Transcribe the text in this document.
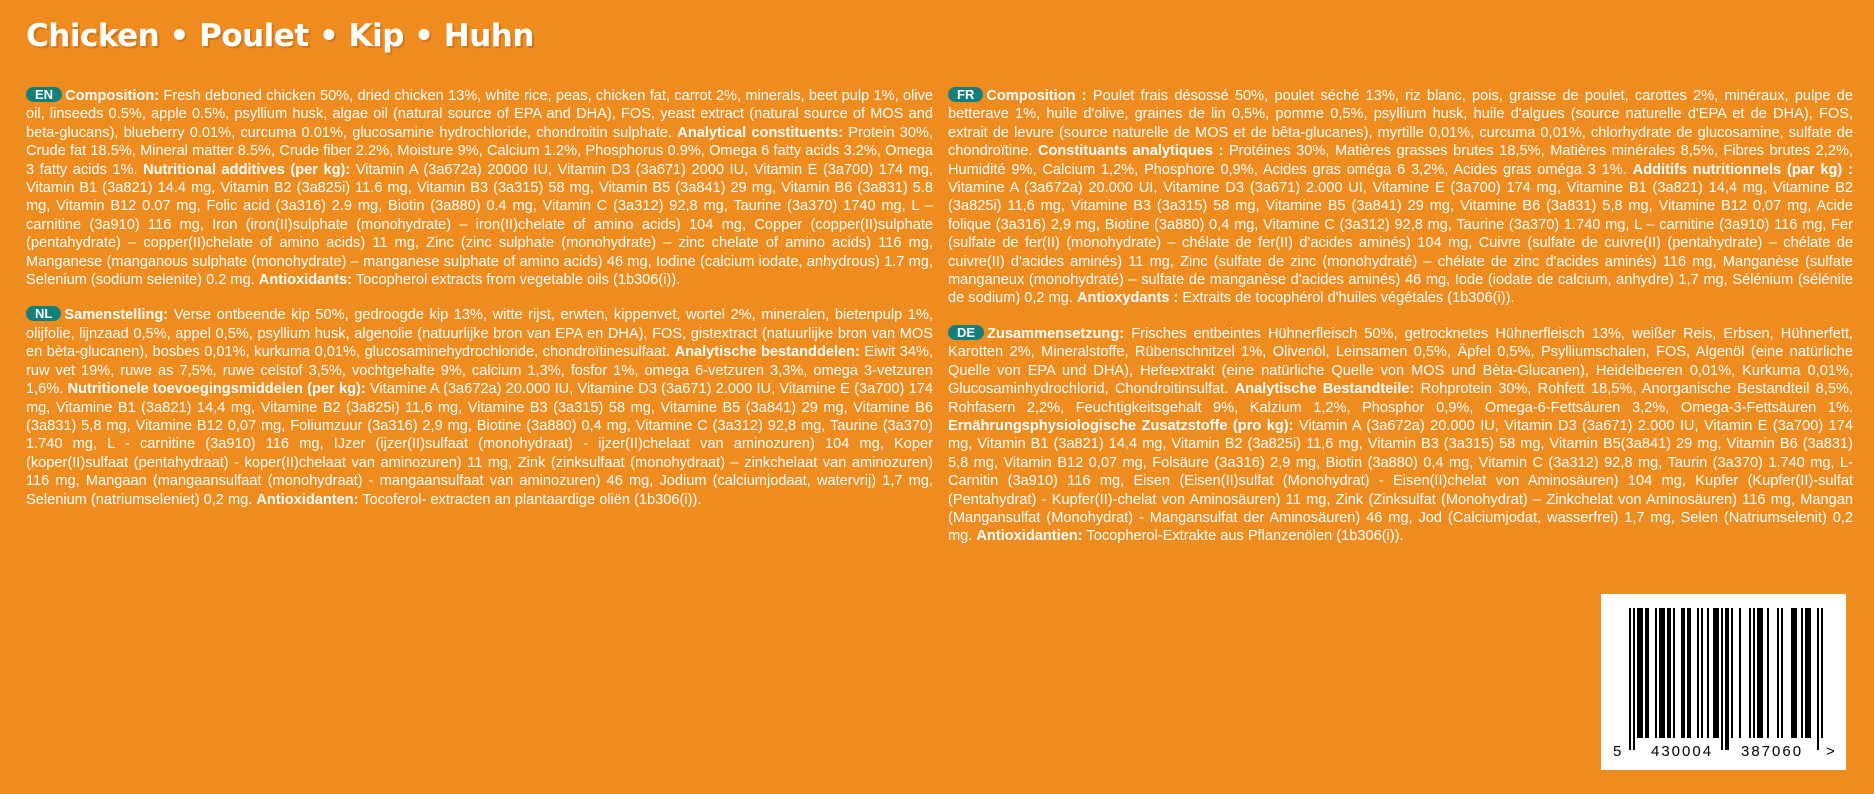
Chicken • Poulet • Kip • Huhn
EN Composition: Fresh deboned chicken 50%, dried chicken 13%, white rice, peas, chicken fat, carrot 2%, minerals, beet pulp 1%, olive oil, linseeds 0.5%, apple 0.5%, psyllium husk, algae oil (natural source of EPA and DHA), FOS, yeast extract (natural source of MOS and beta-glucans), blueberry 0.01%, curcuma 0.01%, glucosamine hydrochloride, chondroitin sulphate. Analytical constituents: Protein 30%, Crude fat 18.5%, Mineral matter 8.5%, Crude fiber 2.2%, Moisture 9%, Calcium 1.2%, Phosphorus 0.9%, Omega 6 fatty acids 3.2%, Omega 3 fatty acids 1%. Nutritional additives (per kg): Vitamin A (3a672a) 20000 IU, Vitamin D3 (3a671) 2000 IU, Vitamin E (3a700) 174 mg, Vitamin B1 (3a821) 14.4 mg, Vitamin B2 (3a825i) 11.6 mg, Vitamin B3 (3a315) 58 mg, Vitamin B5 (3a841) 29 mg, Vitamin B6 (3a831) 5.8 mg, Vitamin B12 0.07 mg, Folic acid (3a316) 2.9 mg, Biotin (3a880) 0.4 mg, Vitamin C (3a312) 92,8 mg, Taurine (3a370) 1740 mg, L – carnitine (3a910) 116 mg, Iron (iron(II)sulphate (monohydrate) – iron(II)chelate of amino acids) 104 mg, Copper (copper(II)sulphate (pentahydrate) – copper(II)chelate of amino acids) 11 mg, Zinc (zinc sulphate (monohydrate) – zinc chelate of amino acids) 116 mg, Manganese (manganous sulphate (monohydrate) – manganese sulphate of amino acids) 46 mg, Iodine (calcium iodate, anhydrous) 1.7 mg, Selenium (sodium selenite) 0.2 mg. Antioxidants: Tocopherol extracts from vegetable oils (1b306(i)).
NL Samenstelling: Verse ontbeende kip 50%, gedroogde kip 13%, witte rijst, erwten, kippenvet, wortel 2%, mineralen, bietenpulp 1%, olijfolie, lijnzaad 0,5%, appel 0,5%, psyllium husk, algenolie (natuurlijke bron van EPA en DHA), FOS, gistextract (natuurlijke bron van MOS en bèta-glucanen), bosbes 0,01%, kurkuma 0,01%, glucosaminehydrochloride, chondroïtinesulfaat. Analytische bestanddelen: Eiwit 34%, ruw vet 19%, ruwe as 7,5%, ruwe celstof 3,5%, vochtgehalte 9%, calcium 1,3%, fosfor 1%, omega 6-vetzuren 3,3%, omega 3-vetzuren 1,6%. Nutritionele toevoegingsmiddelen (per kg): Vitamine A (3a672a) 20.000 IU, Vitamine D3 (3a671) 2.000 IU, Vitamine E (3a700) 174 mg, Vitamine B1 (3a821) 14,4 mg, Vitamine B2 (3a825i) 11,6 mg, Vitamine B3 (3a315) 58 mg, Vitamine B5 (3a841) 29 mg, Vitamine B6 (3a831) 5,8 mg, Vitamine B12 0,07 mg, Foliumzuur (3a316) 2,9 mg, Biotine (3a880) 0,4 mg, Vitamine C (3a312) 92,8 mg, Taurine (3a370) 1.740 mg, L - carnitine (3a910) 116 mg, IJzer (ijzer(II)sulfaat (monohydraat) - ijzer(II)chelaat van aminozuren) 104 mg, Koper (koper(II)sulfaat (pentahydraat) - koper(II)chelaat van aminozuren) 11 mg, Zink (zinksulfaat (monohydraat) – zinkchelaat van aminozuren) 116 mg, Mangaan (mangaansulfaat (monohydraat) - mangaansulfaat van aminozuren) 46 mg, Jodium (calciumjodaat, watervrij) 1,7 mg, Selenium (natriumseleniet) 0,2 mg. Antioxidanten: Tocoferol- extracten an plantaardige oliën (1b306(i)).
FR Composition : Poulet frais désossé 50%, poulet séché 13%, riz blanc, pois, graisse de poulet, carottes 2%, minéraux, pulpe de betterave 1%, huile d'olive, graines de lin 0,5%, pomme 0,5%, psyllium husk, huile d'algues (source naturelle d'EPA et de DHA), FOS, extrait de levure (source naturelle de MOS et de bêta-glucanes), myrtille 0,01%, curcuma 0,01%, chlorhydrate de glucosamine, sulfate de chondroïtine. Constituants analytiques : Protéines 30%, Matières grasses brutes 18,5%, Matières minérales 8,5%, Fibres brutes 2,2%, Humidité 9%, Calcium 1,2%, Phosphore 0,9%, Acides gras oméga 6 3,2%, Acides gras oméga 3 1%. Additifs nutritionnels (par kg) : Vitamine A (3a672a) 20.000 UI, Vitamine D3 (3a671) 2.000 UI, Vitamine E (3a700) 174 mg, Vitamine B1 (3a821) 14,4 mg, Vitamine B2 (3a825i) 11,6 mg, Vitamine B3 (3a315) 58 mg, Vitamine B5 (3a841) 29 mg, Vitamine B6 (3a831) 5,8 mg, Vitamine B12 0,07 mg, Acide folique (3a316) 2,9 mg, Biotine (3a880) 0,4 mg, Vitamine C (3a312) 92,8 mg, Taurine (3a370) 1.740 mg, L – carnitine (3a910) 116 mg, Fer (sulfate de fer(II) (monohydrate) – chélate de fer(II) d'acides aminés) 104 mg, Cuivre (sulfate de cuivre(II) (pentahydrate) – chélate de cuivre(II) d'acides aminés) 11 mg, Zinc (sulfate de zinc (monohydraté) – chélate de zinc d'acides aminés) 116 mg, Manganèse (sulfate manganeux (monohydraté) – sulfate de manganèse d'acides aminés) 46 mg, Iode (iodate de calcium, anhydre) 1,7 mg, Sélénium (sélénite de sodium) 0,2 mg. Antioxydants : Extraits de tocophérol d'huiles végétales (1b306(i)).
DE Zusammensetzung: Frisches entbeintes Hühnerfleisch 50%, getrocknetes Hühnerfleisch 13%, weißer Reis, Erbsen, Hühnerfett, Karotten 2%, Mineralstoffe, Rübenschnitzel 1%, Olivenöl, Leinsamen 0,5%, Äpfel 0,5%, Psylliumschalen, FOS, Algenöl (eine natürliche Quelle von EPA und DHA), Hefeextrakt (eine natürliche Quelle von MOS und Bèta-Glucanen), Heidelbeeren 0,01%, Kurkuma 0,01%, Glucosaminhydrochlorid, Chondroitinsulfat. Analytische Bestandteile: Rohprotein 30%, Rohfett 18,5%, Anorganische Bestandteil 8,5%, Rohfasern 2,2%, Feuchtigkeitsgehalt 9%, Kalzium 1,2%, Phosphor 0,9%, Omega-6-Fettsäuren 3,2%, Omega-3-Fettsäuren 1%. Ernährungsphysiologische Zusatzstoffe (pro kg): Vitamin A (3a672a) 20.000 IU, Vitamin D3 (3a671) 2.000 IU, Vitamin E (3a700) 174 mg, Vitamin B1 (3a821) 14,4 mg, Vitamin B2 (3a825i) 11,6 mg, Vitamin B3 (3a315) 58 mg, Vitamin B5(3a841) 29 mg, Vitamin B6 (3a831) 5,8 mg, Vitamin B12 0,07 mg, Folsäure (3a316) 2,9 mg, Biotin (3a880) 0,4 mg, Vitamin C (3a312) 92,8 mg, Taurin (3a370) 1.740 mg, L-Carnitin (3a910) 116 mg, Eisen (Eisen(II)sulfat (Monohydrat) - Eisen(II)chelat von Aminosäuren) 104 mg, Kupfer (Kupfer(II)-sulfat (Pentahydrat) - Kupfer(II)-chelat von Aminosäuren) 11 mg, Zink (Zinksulfat (Monohydrat) – Zinkchelat von Aminosäuren) 116 mg, Mangan (Mangansulfat (Monohydrat) - Mangansulfat der Aminosäuren) 46 mg, Jod (Calciumjodat, wasserfrei) 1,7 mg, Selen (Natriumselenit) 0,2 mg. Antioxidantien: Tocopherol-Extrakte aus Pflanzenölen (1b306(i)).
5 430004 387060 >
